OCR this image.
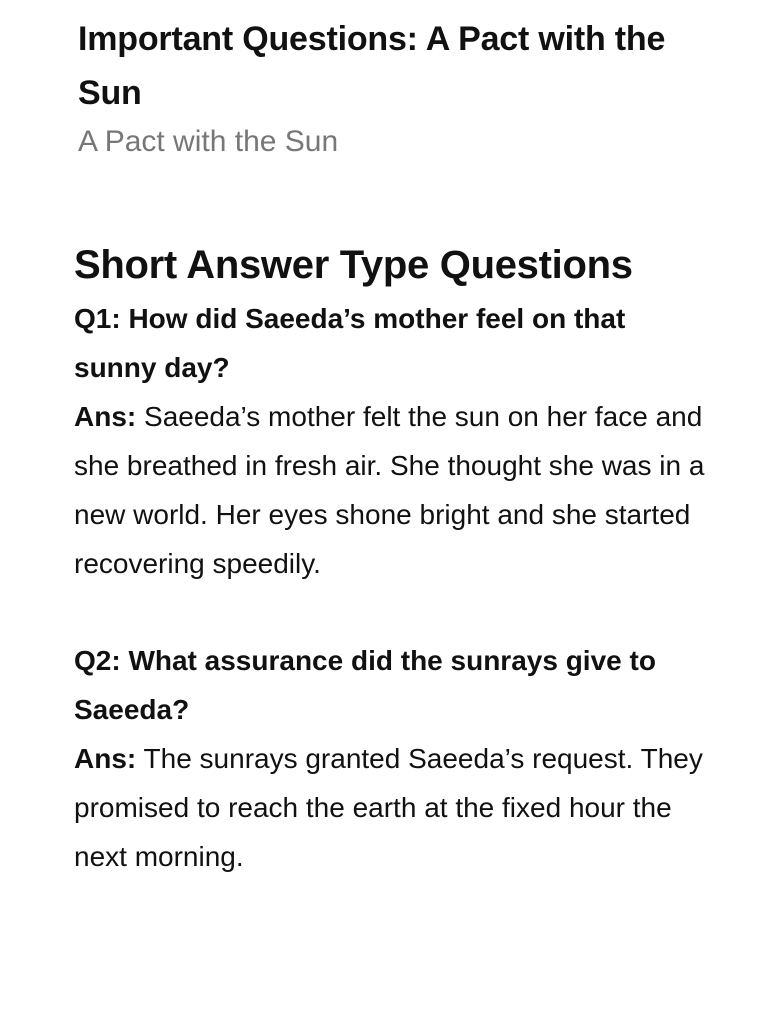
Important Questions: A Pact with the Sun
A Pact with the Sun
Short Answer Type Questions

Q1: How did Saeeda’s mother feel on that sunny day?

Ans: Saeeda’s mother felt the sun on her face and she breathed in fresh air. She thought she was in a new world. Her eyes shone bright and she started recovering speedily.

Q2: What assurance did the sunrays give to Saeeda?

Ans: The sunrays granted Saeeda’s request. They promised to reach the earth at the fixed hour the next morning.
